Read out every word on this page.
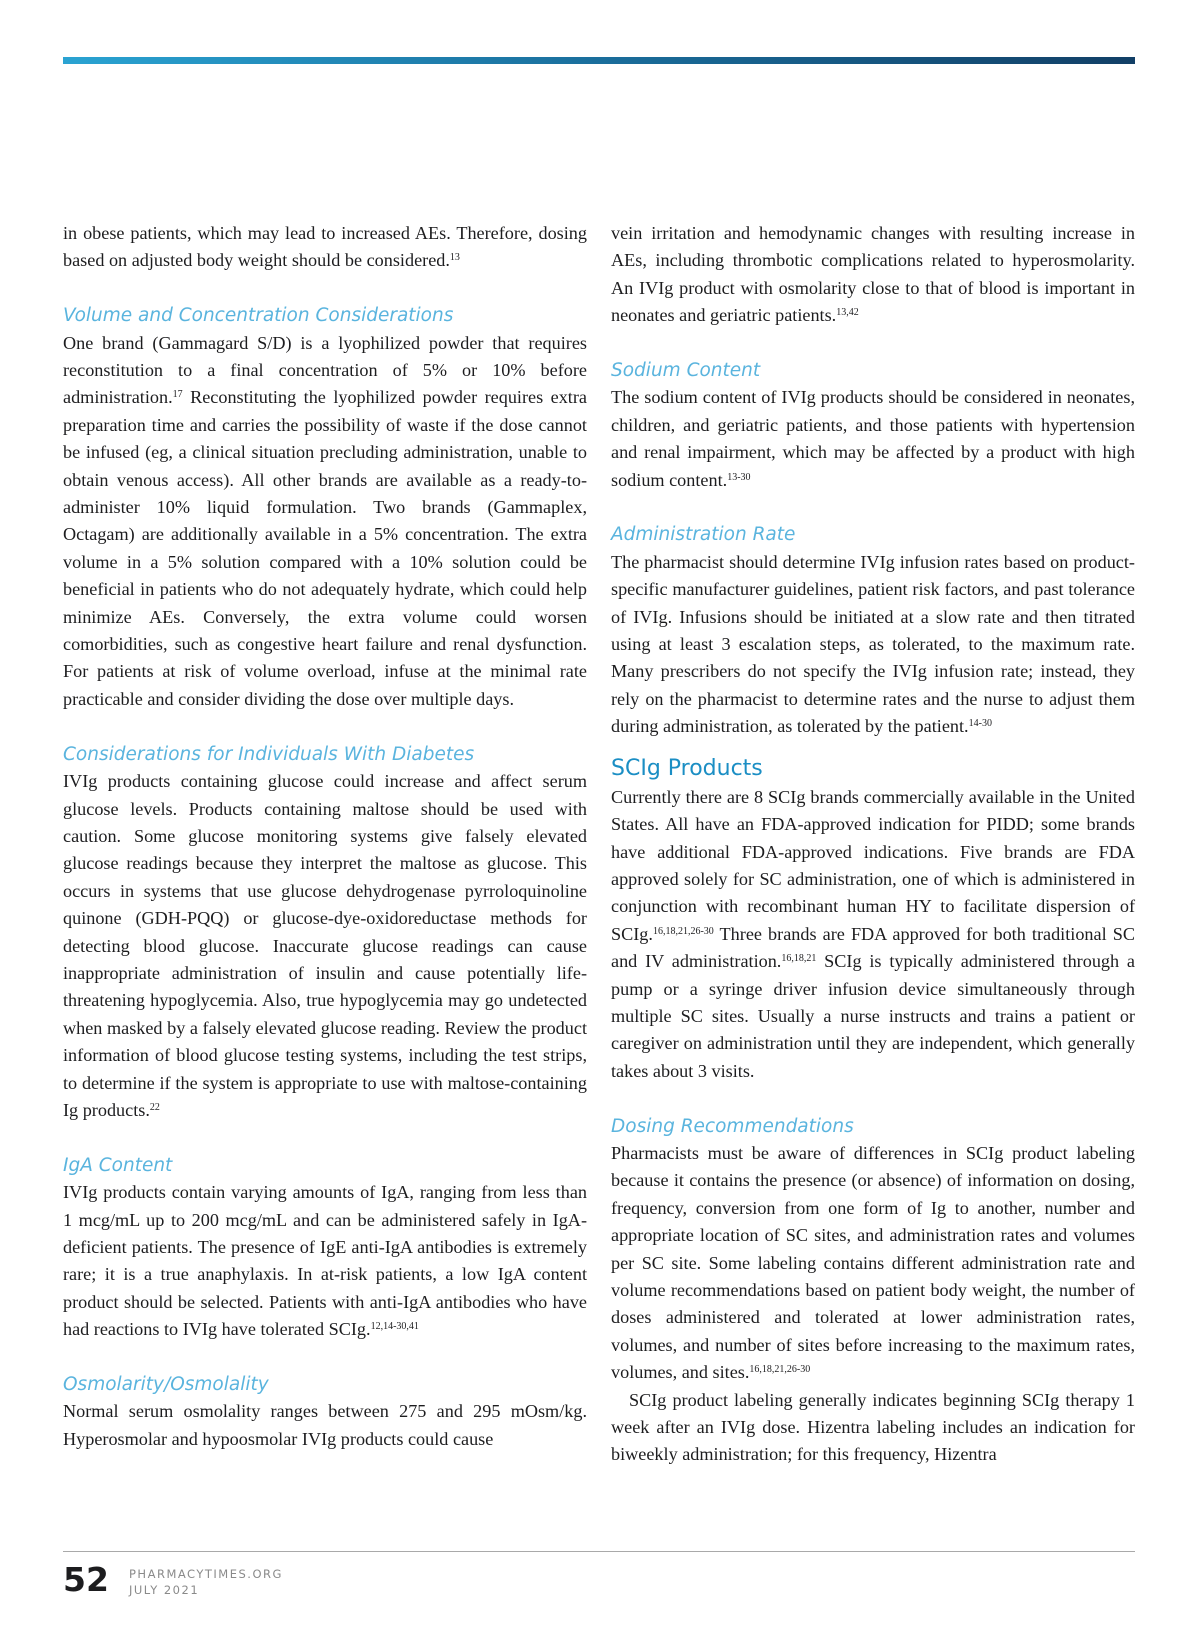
in obese patients, which may lead to increased AEs. Therefore, dosing based on adjusted body weight should be considered.$^{13}$

Volume and Concentration Considerations

One brand (Gammagard S/D) is a lyophilized powder that requires reconstitution to a final concentration of 5% or 10% before administration.$^{17}$ Reconstituting the lyophilized powder requires extra preparation time and carries the possibility of waste if the dose cannot be infused (eg, a clinical situation precluding administration, unable to obtain venous access). All other brands are available as a ready-to-administer 10% liquid formulation. Two brands (Gammaplex, Octagam) are additionally available in a 5% concentration. The extra volume in a 5% solution compared with a 10% solution could be beneficial in patients who do not adequately hydrate, which could help minimize AEs. Conversely, the extra volume could worsen comorbidities, such as congestive heart failure and renal dysfunction. For patients at risk of volume overload, infuse at the minimal rate practicable and consider dividing the dose over multiple days.

Considerations for Individuals With Diabetes

IVIg products containing glucose could increase and affect serum glucose levels. Products containing maltose should be used with caution. Some glucose monitoring systems give falsely elevated glucose readings because they interpret the maltose as glucose. This occurs in systems that use glucose dehydrogenase pyrroloquinoline quinone (GDH-PQQ) or glucose-dye-oxidoreductase methods for detecting blood glucose. Inaccurate glucose readings can cause inappropriate administration of insulin and cause potentially life-threatening hypoglycemia. Also, true hypoglycemia may go undetected when masked by a falsely elevated glucose reading. Review the product information of blood glucose testing systems, including the test strips, to determine if the system is appropriate to use with maltose-containing Ig products.$^{22}$

IgA Content

IVIg products contain varying amounts of IgA, ranging from less than 1 mcg/mL up to 200 mcg/mL and can be administered safely in IgA-deficient patients. The presence of IgE anti-IgA antibodies is extremely rare; it is a true anaphylaxis. In at-risk patients, a low IgA content product should be selected. Patients with anti-IgA antibodies who have had reactions to IVIg have tolerated SCIg.$^{12,14-30,41}$

Osmolarity/Osmolality

Normal serum osmolality ranges between 275 and 295 mOsm/kg. Hyperosmolar and hypoosmolar IVIg products could cause

vein irritation and hemodynamic changes with resulting increase in AEs, including thrombotic complications related to hyperosmolarity. An IVIg product with osmolarity close to that of blood is important in neonates and geriatric patients.$^{13,42}$

Sodium Content

The sodium content of IVIg products should be considered in neonates, children, and geriatric patients, and those patients with hypertension and renal impairment, which may be affected by a product with high sodium content.$^{13-30}$

Administration Rate

The pharmacist should determine IVIg infusion rates based on product-specific manufacturer guidelines, patient risk factors, and past tolerance of IVIg. Infusions should be initiated at a slow rate and then titrated using at least 3 escalation steps, as tolerated, to the maximum rate. Many prescribers do not specify the IVIg infusion rate; instead, they rely on the pharmacist to determine rates and the nurse to adjust them during administration, as tolerated by the patient.$^{14-30}$

SCIg Products

Currently there are 8 SCIg brands commercially available in the United States. All have an FDA-approved indication for PIDD; some brands have additional FDA-approved indications. Five brands are FDA approved solely for SC administration, one of which is administered in conjunction with recombinant human HY to facilitate dispersion of SCIg.$^{16,18,21,26-30}$ Three brands are FDA approved for both traditional SC and IV administration.$^{16,18,21}$ SCIg is typically administered through a pump or a syringe driver infusion device simultaneously through multiple SC sites. Usually a nurse instructs and trains a patient or caregiver on administration until they are independent, which generally takes about 3 visits.

Dosing Recommendations

Pharmacists must be aware of differences in SCIg product labeling because it contains the presence (or absence) of information on dosing, frequency, conversion from one form of Ig to another, number and appropriate location of SC sites, and administration rates and volumes per SC site. Some labeling contains different administration rate and volume recommendations based on patient body weight, the number of doses administered and tolerated at lower administration rates, volumes, and number of sites before increasing to the maximum rates, volumes, and sites.$^{16,18,21,26-30}$

SCIg product labeling generally indicates beginning SCIg therapy 1 week after an IVIg dose. Hizentra labeling includes an indication for biweekly administration; for this frequency, Hizentra

52 PHARMACYTIMES.ORG
JULY 2021
